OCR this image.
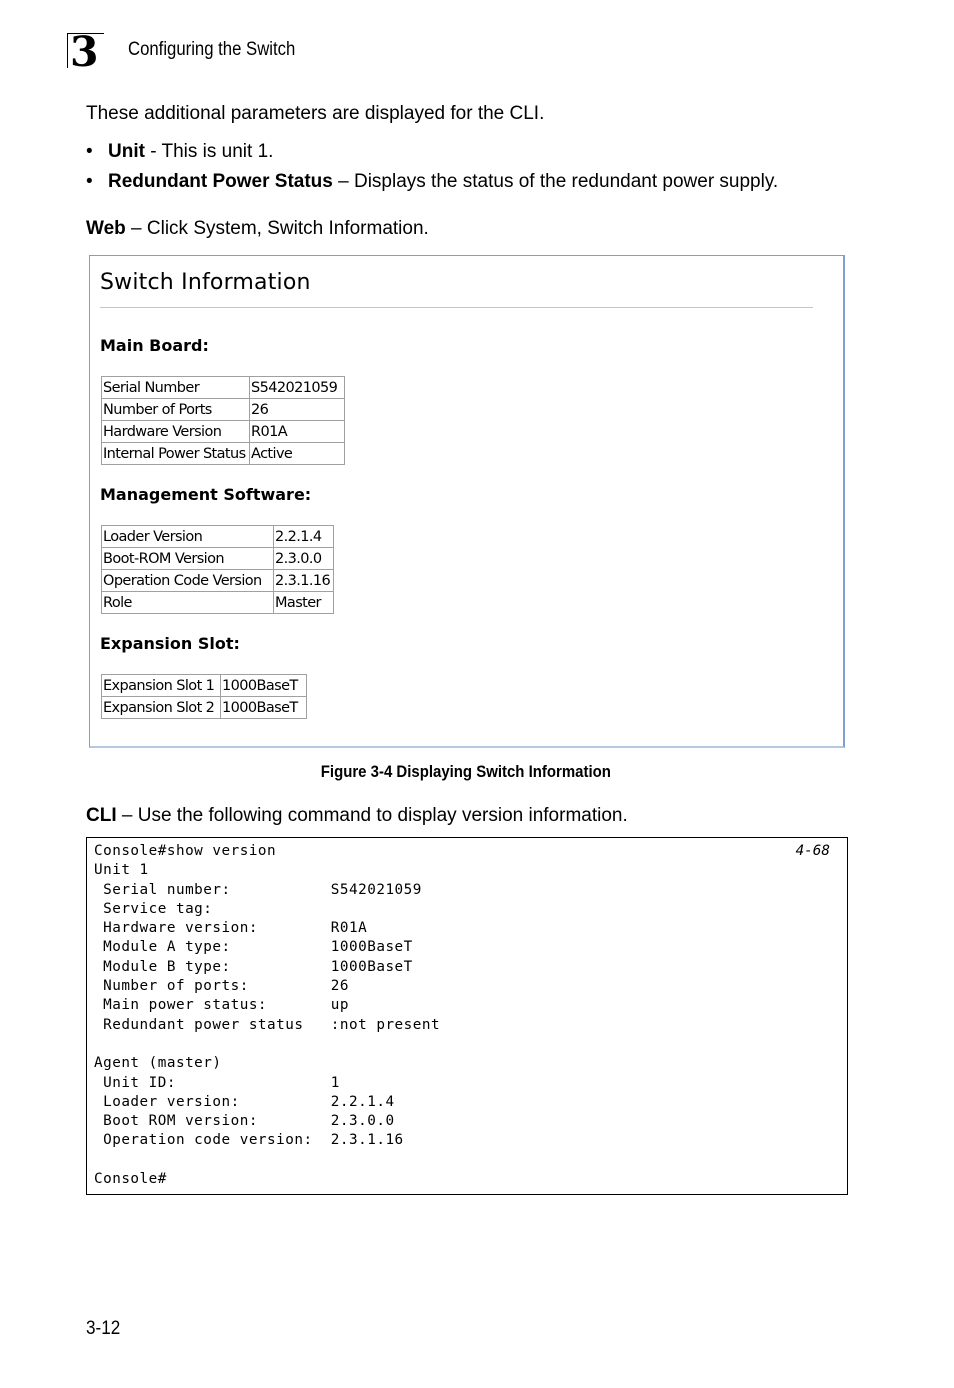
3 Configuring the Switch
These additional parameters are displayed for the CLI.
• Unit - This is unit 1.
• Redundant Power Status – Displays the status of the redundant power supply.
Web – Click System, Switch Information.
Switch Information
Main Board:
Serial Number	S542021059
Number of Ports	26
Hardware Version	R01A
Internal Power Status	Active
Management Software:
Loader Version	2.2.1.4
Boot-ROM Version	2.3.0.0
Operation Code Version	2.3.1.16
Role	Master
Expansion Slot:
Expansion Slot 1	1000BaseT
Expansion Slot 2	1000BaseT
Figure 3-4 Displaying Switch Information
CLI – Use the following command to display version information.
Console#show version
Unit 1
Serial number:           S542021059
Service tag:
Hardware version:        R01A
Module A type:           1000BaseT
Module B type:           1000BaseT
Number of ports:         26
Main power status:       up
Redundant power status   :not present

Agent (master)
Unit ID:                 1
Loader version:          2.2.1.4
Boot ROM version:        2.3.0.0
Operation code version:  2.3.1.16

Console#
4-68
3-12
